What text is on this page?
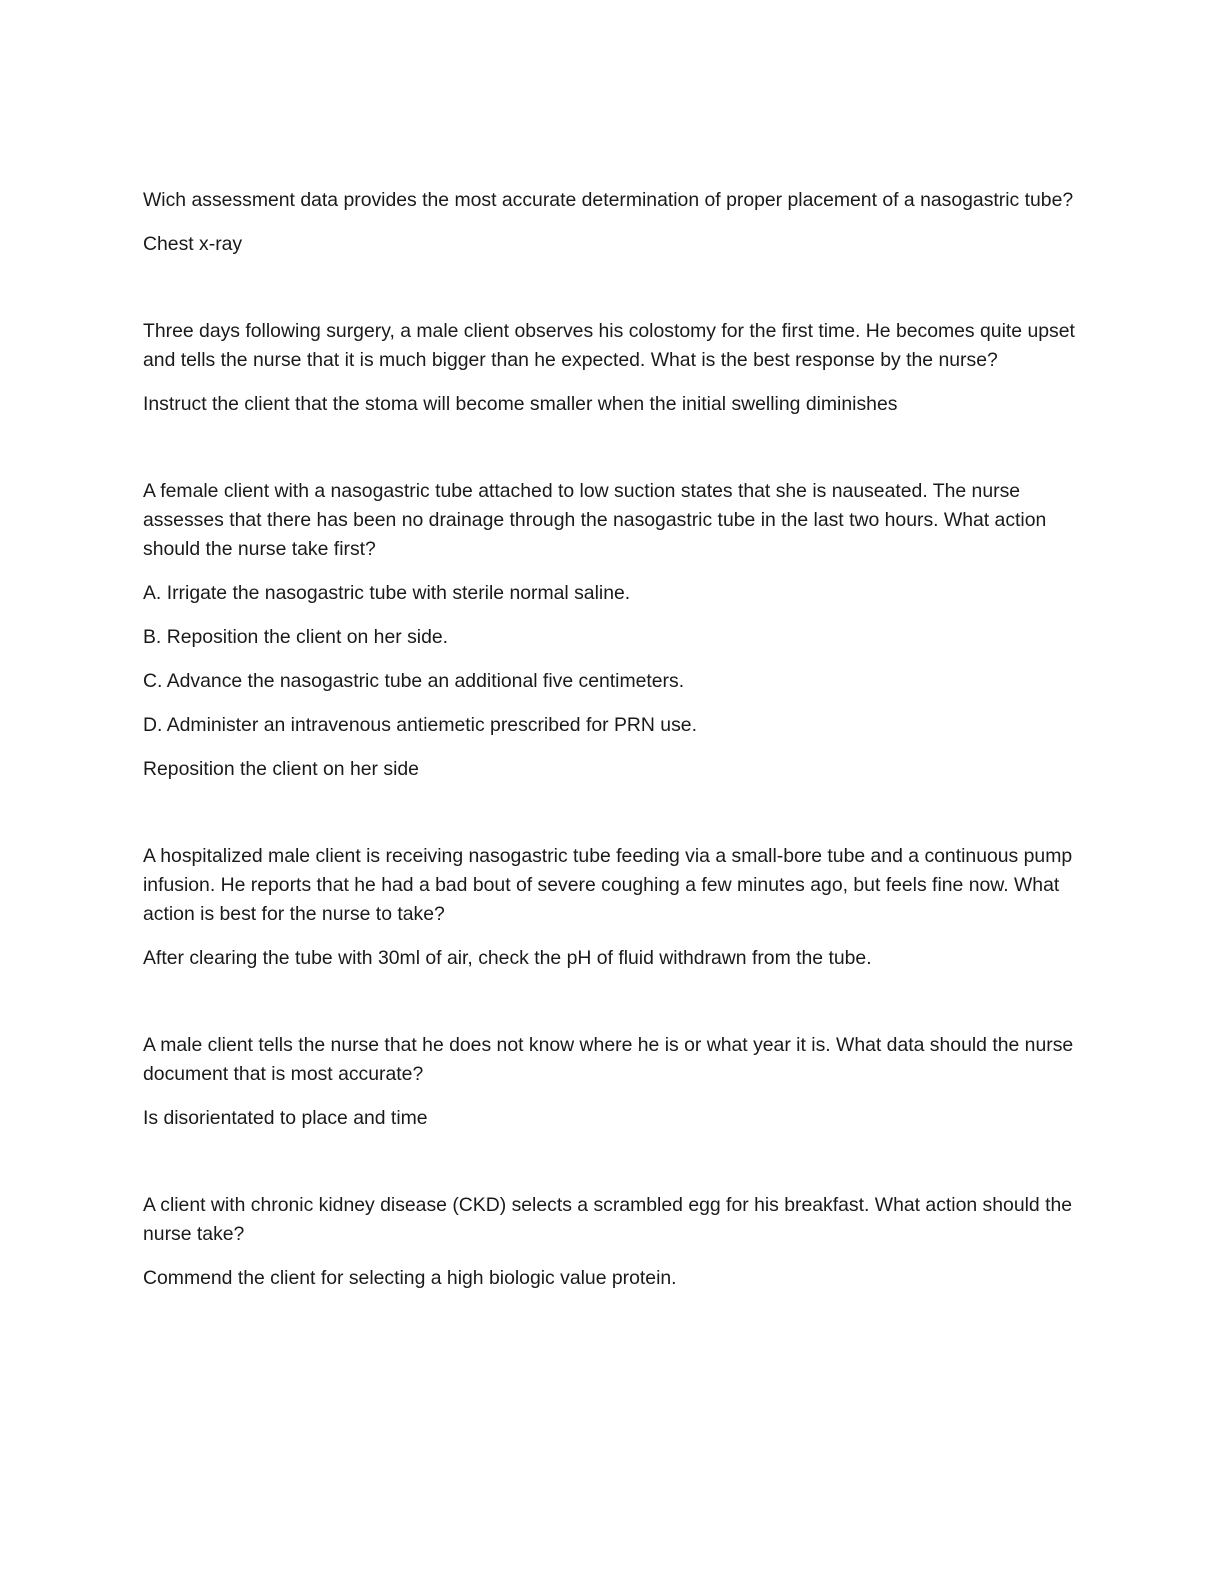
Wich assessment data provides the most accurate determination of proper placement of a nasogastric tube?

Chest x-ray

Three days following surgery, a male client observes his colostomy for the first time. He becomes quite upset and tells the nurse that it is much bigger than he expected. What is the best response by the nurse?

Instruct the client that the stoma will become smaller when the initial swelling diminishes

A female client with a nasogastric tube attached to low suction states that she is nauseated. The nurse assesses that there has been no drainage through the nasogastric tube in the last two hours. What action should the nurse take first?

A. Irrigate the nasogastric tube with sterile normal saline.

B. Reposition the client on her side.

C. Advance the nasogastric tube an additional five centimeters.

D. Administer an intravenous antiemetic prescribed for PRN use.

Reposition the client on her side

A hospitalized male client is receiving nasogastric tube feeding via a small-bore tube and a continuous pump infusion. He reports that he had a bad bout of severe coughing a few minutes ago, but feels fine now. What action is best for the nurse to take?

After clearing the tube with 30ml of air, check the pH of fluid withdrawn from the tube.

A male client tells the nurse that he does not know where he is or what year it is. What data should the nurse document that is most accurate?

Is disorientated to place and time

A client with chronic kidney disease (CKD) selects a scrambled egg for his breakfast. What action should the nurse take?

Commend the client for selecting a high biologic value protein.
